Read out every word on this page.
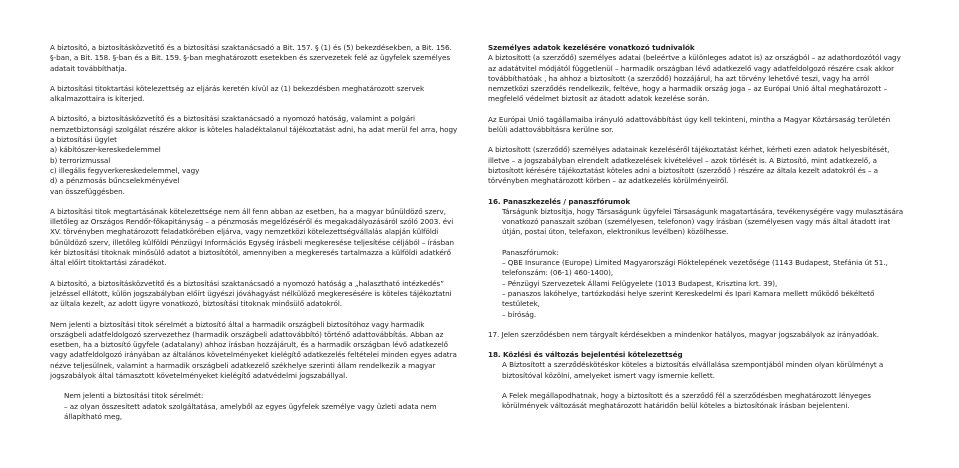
A biztosító, a biztosításközvetítő és a biztosítási szaktanácsadó a Bit. 157. § (1) és (5) bekezdésekben, a Bit. 156. §-ban, a Bit. 158. §-ban és a Bit. 159. §-ban meghatározott esetekben és szervezetek felé az ügyfelek személyes adatait továbbíthatja.

A biztosítási titoktartási kötelezettség az eljárás keretén kívül az (1) bekezdésben meghatározott szervek alkalmazottaira is kiterjed.

A biztosító, a biztosításközvetítő és a biztosítási szaktanácsadó a nyomozó hatóság, valamint a polgári nemzetbiztonsági szolgálat részére akkor is köteles haladéktalanul tájékoztatást adni, ha adat merül fel arra, hogy a biztosítási ügylet

a) kábítószer-kereskedelemmel
b) terrorizmussal
c) illegális fegyverkereskedelemmel, vagy
d) a pénzmosás bűncselekményével
van összefüggésben.

A biztosítási titok megtartásának kötelezettsége nem áll fenn abban az esetben, ha a magyar bűnüldöző szerv, illetőleg az Országos Rendőr-főkapitányság – a pénzmosás megelőzéséről és megakadályozásáról szóló 2003. évi XV. törvényben meghatározott feladatkörében eljárva, vagy nemzetközi kötelezettségvállalás alapján külföldi bűnüldöző szerv, illetőleg külföldi Pénzügyi Információs Egység írásbeli megkeresése teljesítése céljából – írásban kér biztosítási titoknak minősülő adatot a biztosítótól, amennyiben a megkeresés tartalmazza a külföldi adatkérő által előírt titoktartási záradékot.

A biztosító, a biztosításközvetítő és a biztosítási szaktanácsadó a nyomozó hatóság a „halasztható intézkedés” jelzéssel ellátott, külön jogszabályban előírt ügyészi jóváhagyást nélkülöző megkeresésére is köteles tájékoztatni az ültala kezelt, az adott ügyre vonatkozó, biztosítási titoknak minősülő adatokról.

Nem jelenti a biztosítási titok sérelmét a biztosító által a harmadik országbeli biztosítóhoz vagy harmadik országbeli adatfeldolgozó szervezethez (harmadik országbeli adattovábbító) történő adattovábbítás. Abban az esetben, ha a biztosító ügyfele (adatalany) ahhoz írásban hozzájárult, és a harmadik országban lévő adatkezelő vagy adatfeldolgozó irányában az általános követelményeket kielégítő adatkezelés feltételei minden egyes adatra nézve teljesülnek, valamint a harmadik országbeli adatkezelő székhelye szerinti állam rendelkezik a magyar jogszabályok által támasztott követelményeket kielégítő adatvédelmi jogszabállyal.

Nem jelenti a biztosítási titok sérelmét:

– az olyan összesített adatok szolgáltatása, amelyből az egyes ügyfelek személye vagy üzleti adata nem állapítható meg,

Személyes adatok kezelésére vonatkozó tudnivalók

A biztosított (a szerződő) személyes adatai (beleértve a különleges adatot is) az országból – az adathordozótól vagy az adatátvitel módjától függetlenül – harmadik országban lévő adatkezelő vagy adatfeldolgozó részére csak akkor továbbíthatóak , ha ahhoz a biztosított (a szerződő) hozzájárul, ha azt törvény lehetővé teszi, vagy ha arról nemzetközi szerződés rendelkezik, feltéve, hogy a harmadik ország joga – az Európai Unió által meghatározott – megfelelő védelmet biztosít az átadott adatok kezelése során.

Az Európai Unió tagállamaiba irányuló adattovábbítást úgy kell tekinteni, mintha a Magyar Köztársaság területén belüli adattovábbításra kerülne sor.

A biztosított (szerződő) személyes adatainak kezeléséről tájékoztatást kérhet, kérheti ezen adatok helyesbítését, illetve – a jogszabályban elrendelt adatkezelések kivételével – azok törlését is. A Biztosító, mint adatkezelő, a biztosított kérésére tájékoztatást köteles adni a biztosított (szerződő ) részére az általa kezelt adatokról és – a törvényben meghatározott körben – az adatkezelés körülményeiről.

16. Panaszkezelés / panaszfórumok

Társágunk biztosítja, hogy Társaságunk ügyfelei Társaságunk magatartására, tevékenységére vagy mulasztására vonatkozó panaszait szóban (személyesen, telefonon) vagy írásban (személyesen vagy más által átadott irat útján, postai úton, telefaxon, elektronikus levélben) közölhesse.

Panaszfórumok:

– QBE Insurance (Europe) Limited Magyarországi Fióktelepének vezetősége (1143 Budapest, Stefánia út 51., telefonszám: (06-1) 460-1400),
– Pénzügyi Szervezetek Állami Felügyelete (1013 Budapest, Krisztina krt. 39),
– panaszos lakóhelye, tartózkodási helye szerint Kereskedelmi és Ipari Kamara mellett működő békéltető testületek,
– bíróság.

17. Jelen szerződésben nem tárgyalt kérdésekben a mindenkor hatályos, magyar jogszabályok az irányadóak.

18. Közlési és változás bejelentési kötelezettség

A Biztosított a szerződéskötéskor köteles a biztosítás elvállalása szempontjából minden olyan körülményt a biztosítóval közölni, amelyeket ismert vagy ismernie kellett.

A Felek megállapodhatnak, hogy a biztosított és a szerződő fél a szerződésben meghatározott lényeges körülmények változását meghatározott határidőn belül köteles a biztosítónak írásban bejelenteni.
